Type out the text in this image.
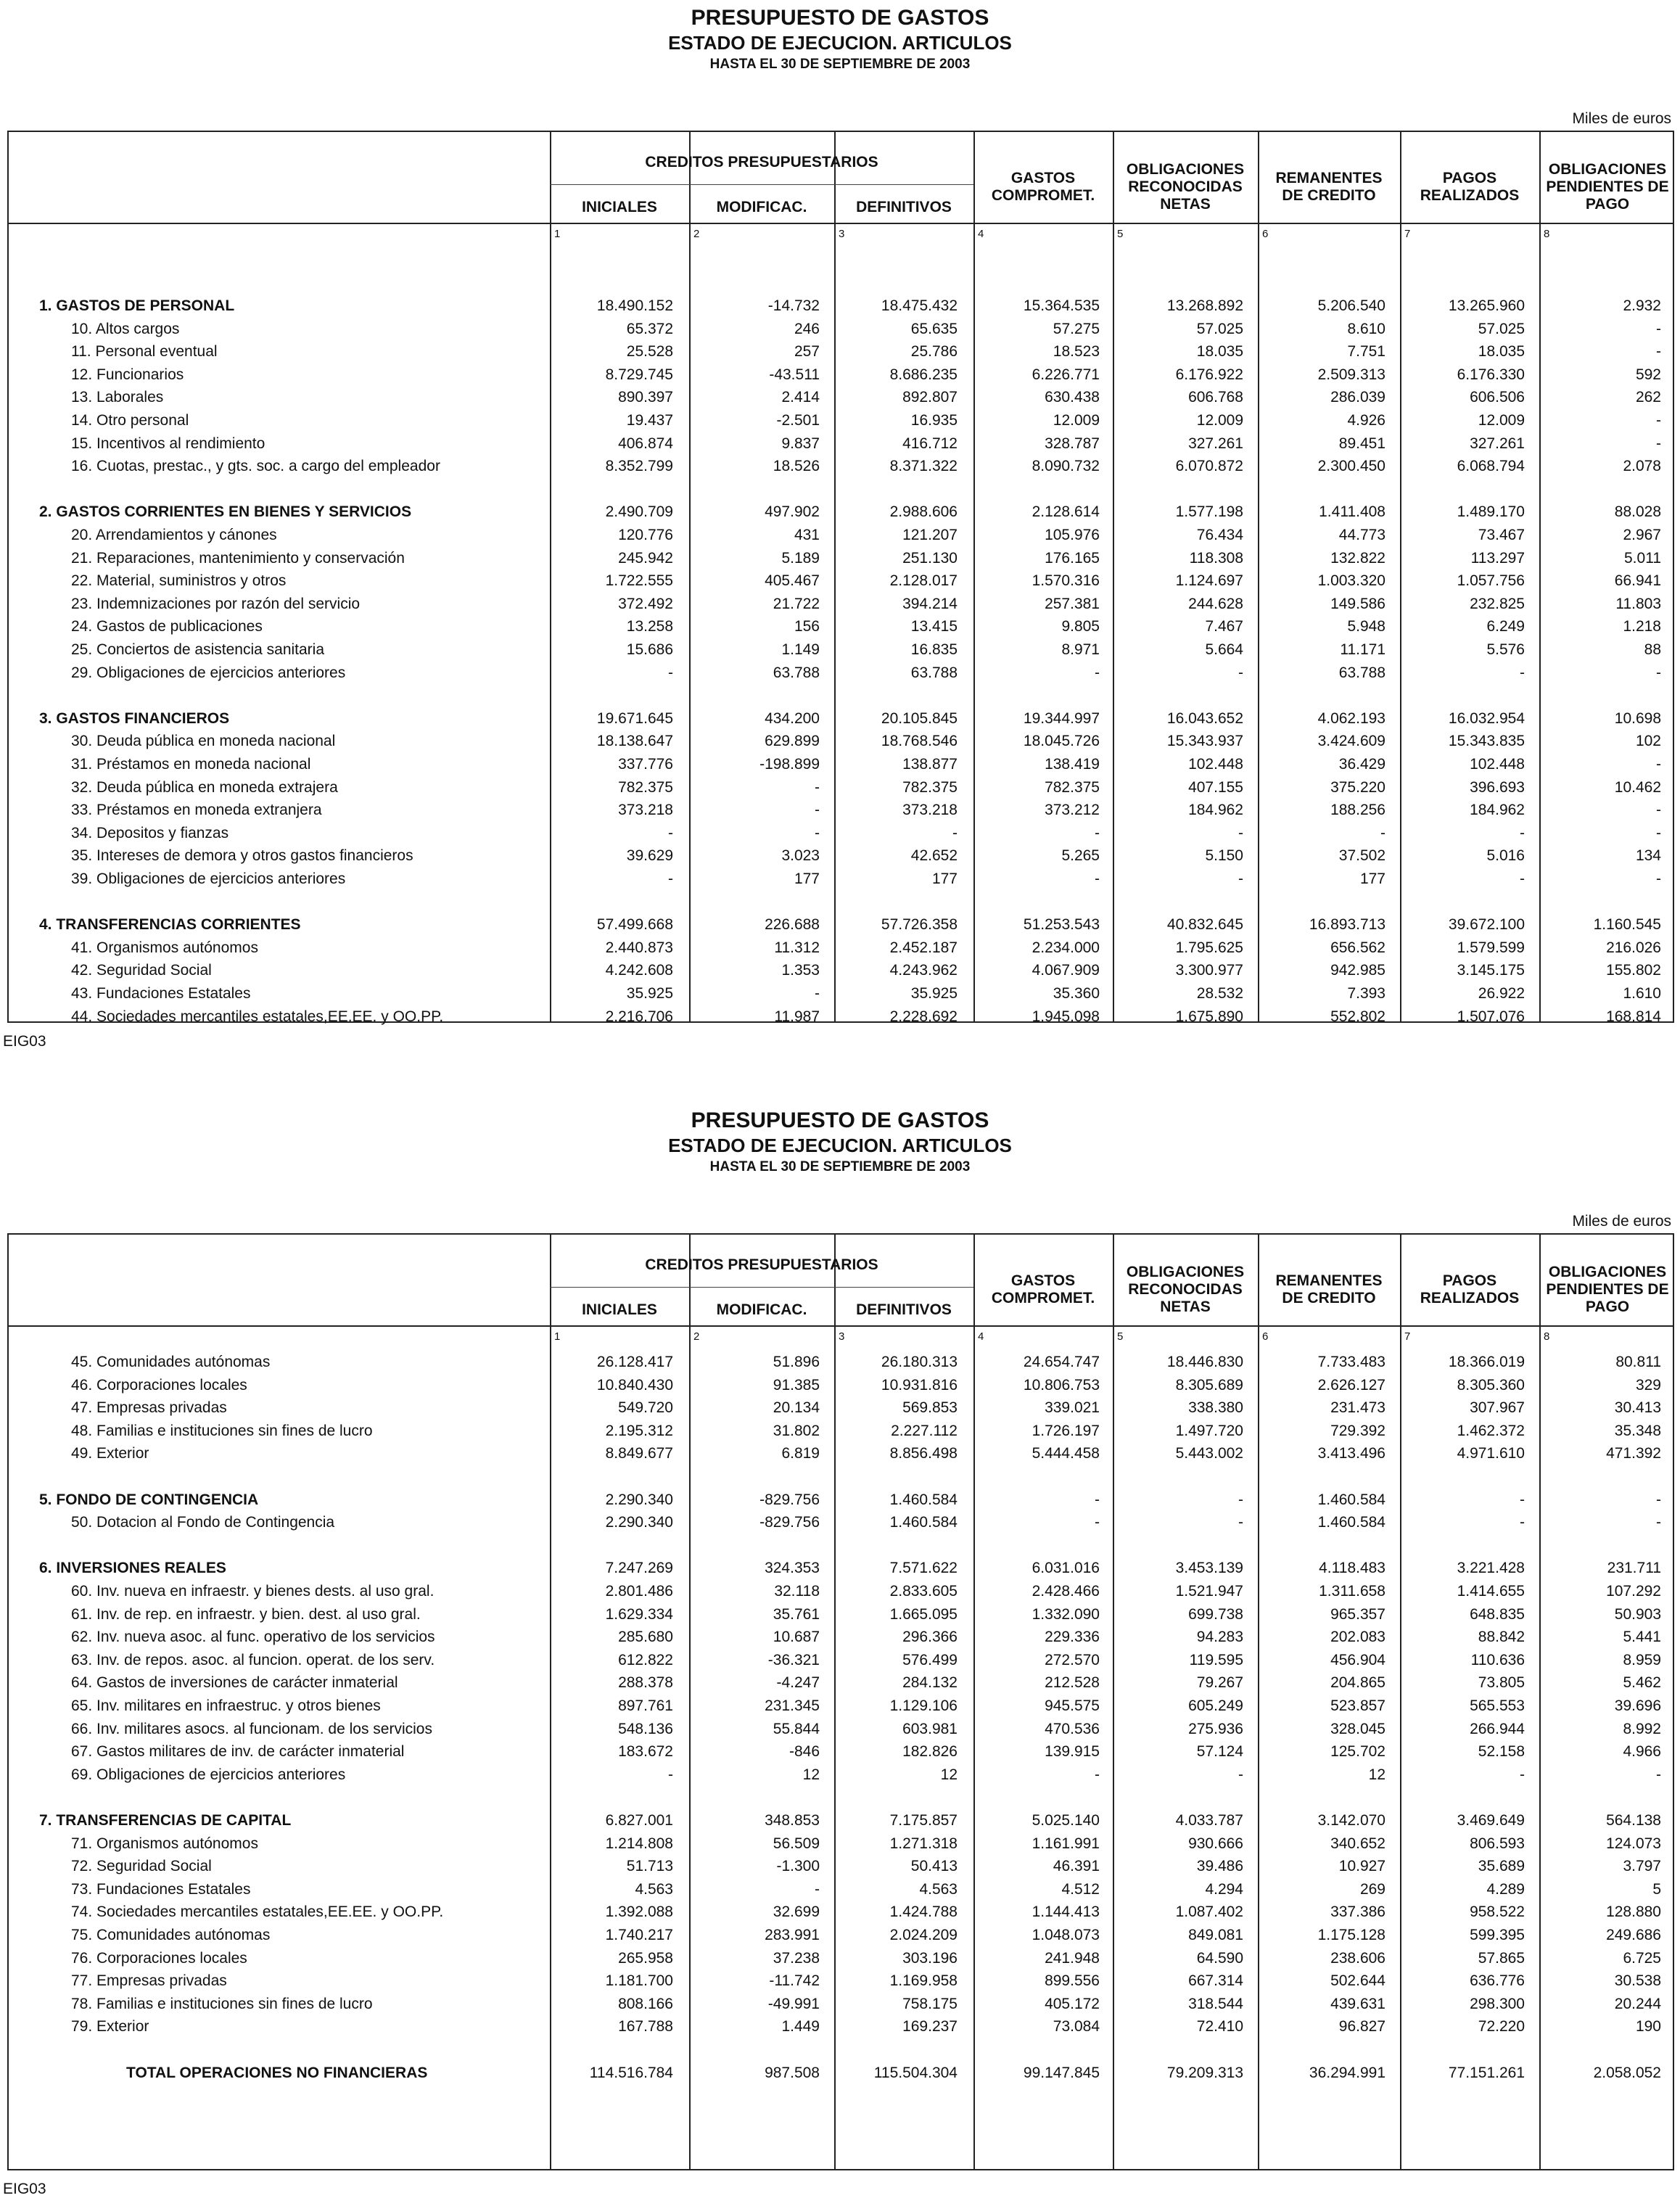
PRESUPUESTO DE GASTOS
ESTADO DE EJECUCION. ARTICULOS
HASTA EL 30 DE SEPTIEMBRE DE 2003
Miles de euros
CREDITOS PRESUPUESTARIOS
INICIALES	MODIFICAC.	DEFINITIVOS
GASTOS
COMPROMET.
OBLIGACIONES
RECONOCIDAS
NETAS
REMANENTES
DE CREDITO
PAGOS
REALIZADOS
OBLIGACIONES
PENDIENTES DE
PAGO
1	2	3	4	5	6	7	8
1. GASTOS DE PERSONAL	18.490.152	-14.732	18.475.432	15.364.535	13.268.892	5.206.540	13.265.960	2.932
10. Altos cargos	65.372	246	65.635	57.275	57.025	8.610	57.025	-
11. Personal eventual	25.528	257	25.786	18.523	18.035	7.751	18.035	-
12. Funcionarios	8.729.745	-43.511	8.686.235	6.226.771	6.176.922	2.509.313	6.176.330	592
13. Laborales	890.397	2.414	892.807	630.438	606.768	286.039	606.506	262
14. Otro personal	19.437	-2.501	16.935	12.009	12.009	4.926	12.009	-
15. Incentivos al rendimiento	406.874	9.837	416.712	328.787	327.261	89.451	327.261	-
16. Cuotas, prestac., y gts. soc. a cargo del empleador	8.352.799	18.526	8.371.322	8.090.732	6.070.872	2.300.450	6.068.794	2.078
2. GASTOS CORRIENTES EN BIENES Y SERVICIOS	2.490.709	497.902	2.988.606	2.128.614	1.577.198	1.411.408	1.489.170	88.028
20. Arrendamientos y cánones	120.776	431	121.207	105.976	76.434	44.773	73.467	2.967
21. Reparaciones, mantenimiento y conservación	245.942	5.189	251.130	176.165	118.308	132.822	113.297	5.011
22. Material, suministros y otros	1.722.555	405.467	2.128.017	1.570.316	1.124.697	1.003.320	1.057.756	66.941
23. Indemnizaciones por razón del servicio	372.492	21.722	394.214	257.381	244.628	149.586	232.825	11.803
24. Gastos de publicaciones	13.258	156	13.415	9.805	7.467	5.948	6.249	1.218
25. Conciertos de asistencia sanitaria	15.686	1.149	16.835	8.971	5.664	11.171	5.576	88
29. Obligaciones de ejercicios anteriores	-	63.788	63.788	-	-	63.788	-	-
3. GASTOS FINANCIEROS	19.671.645	434.200	20.105.845	19.344.997	16.043.652	4.062.193	16.032.954	10.698
30. Deuda pública en moneda nacional	18.138.647	629.899	18.768.546	18.045.726	15.343.937	3.424.609	15.343.835	102
31. Préstamos en moneda nacional	337.776	-198.899	138.877	138.419	102.448	36.429	102.448	-
32. Deuda pública en moneda extrajera	782.375	-	782.375	782.375	407.155	375.220	396.693	10.462
33. Préstamos en moneda extranjera	373.218	-	373.218	373.212	184.962	188.256	184.962	-
34. Depositos y fianzas	-	-	-	-	-	-	-	-
35. Intereses de demora y otros gastos financieros	39.629	3.023	42.652	5.265	5.150	37.502	5.016	134
39. Obligaciones de ejercicios anteriores	-	177	177	-	-	177	-	-
4. TRANSFERENCIAS CORRIENTES	57.499.668	226.688	57.726.358	51.253.543	40.832.645	16.893.713	39.672.100	1.160.545
41. Organismos autónomos	2.440.873	11.312	2.452.187	2.234.000	1.795.625	656.562	1.579.599	216.026
42. Seguridad Social	4.242.608	1.353	4.243.962	4.067.909	3.300.977	942.985	3.145.175	155.802
43. Fundaciones Estatales	35.925	-	35.925	35.360	28.532	7.393	26.922	1.610
44. Sociedades mercantiles estatales,EE.EE. y OO.PP.	2.216.706	11.987	2.228.692	1.945.098	1.675.890	552.802	1.507.076	168.814
EIG03
PRESUPUESTO DE GASTOS
ESTADO DE EJECUCION. ARTICULOS
HASTA EL 30 DE SEPTIEMBRE DE 2003
Miles de euros
CREDITOS PRESUPUESTARIOS
INICIALES	MODIFICAC.	DEFINITIVOS
GASTOS
COMPROMET.
OBLIGACIONES
RECONOCIDAS
NETAS
REMANENTES
DE CREDITO
PAGOS
REALIZADOS
OBLIGACIONES
PENDIENTES DE
PAGO
1	2	3	4	5	6	7	8
45. Comunidades autónomas	26.128.417	51.896	26.180.313	24.654.747	18.446.830	7.733.483	18.366.019	80.811
46. Corporaciones locales	10.840.430	91.385	10.931.816	10.806.753	8.305.689	2.626.127	8.305.360	329
47. Empresas privadas	549.720	20.134	569.853	339.021	338.380	231.473	307.967	30.413
48. Familias e instituciones sin fines de lucro	2.195.312	31.802	2.227.112	1.726.197	1.497.720	729.392	1.462.372	35.348
49. Exterior	8.849.677	6.819	8.856.498	5.444.458	5.443.002	3.413.496	4.971.610	471.392
5. FONDO DE CONTINGENCIA	2.290.340	-829.756	1.460.584	-	-	1.460.584	-	-
50. Dotacion al Fondo de Contingencia	2.290.340	-829.756	1.460.584	-	-	1.460.584	-	-
6. INVERSIONES REALES	7.247.269	324.353	7.571.622	6.031.016	3.453.139	4.118.483	3.221.428	231.711
60. Inv. nueva en infraestr. y bienes dests. al uso gral.	2.801.486	32.118	2.833.605	2.428.466	1.521.947	1.311.658	1.414.655	107.292
61. Inv. de rep. en infraestr. y bien. dest. al uso gral.	1.629.334	35.761	1.665.095	1.332.090	699.738	965.357	648.835	50.903
62. Inv. nueva asoc. al func. operativo de los servicios	285.680	10.687	296.366	229.336	94.283	202.083	88.842	5.441
63. Inv. de repos. asoc. al funcion. operat. de los serv.	612.822	-36.321	576.499	272.570	119.595	456.904	110.636	8.959
64. Gastos de inversiones de carácter inmaterial	288.378	-4.247	284.132	212.528	79.267	204.865	73.805	5.462
65. Inv. militares en infraestruc. y otros bienes	897.761	231.345	1.129.106	945.575	605.249	523.857	565.553	39.696
66. Inv. militares asocs. al funcionam. de los servicios	548.136	55.844	603.981	470.536	275.936	328.045	266.944	8.992
67. Gastos militares de inv. de carácter inmaterial	183.672	-846	182.826	139.915	57.124	125.702	52.158	4.966
69. Obligaciones de ejercicios anteriores	-	12	12	-	-	12	-	-
7. TRANSFERENCIAS DE CAPITAL	6.827.001	348.853	7.175.857	5.025.140	4.033.787	3.142.070	3.469.649	564.138
71. Organismos autónomos	1.214.808	56.509	1.271.318	1.161.991	930.666	340.652	806.593	124.073
72. Seguridad Social	51.713	-1.300	50.413	46.391	39.486	10.927	35.689	3.797
73. Fundaciones Estatales	4.563	-	4.563	4.512	4.294	269	4.289	5
74. Sociedades mercantiles estatales,EE.EE. y OO.PP.	1.392.088	32.699	1.424.788	1.144.413	1.087.402	337.386	958.522	128.880
75. Comunidades autónomas	1.740.217	283.991	2.024.209	1.048.073	849.081	1.175.128	599.395	249.686
76. Corporaciones locales	265.958	37.238	303.196	241.948	64.590	238.606	57.865	6.725
77. Empresas privadas	1.181.700	-11.742	1.169.958	899.556	667.314	502.644	636.776	30.538
78. Familias e instituciones sin fines de lucro	808.166	-49.991	758.175	405.172	318.544	439.631	298.300	20.244
79. Exterior	167.788	1.449	169.237	73.084	72.410	96.827	72.220	190
TOTAL OPERACIONES NO FINANCIERAS	114.516.784	987.508	115.504.304	99.147.845	79.209.313	36.294.991	77.151.261	2.058.052
EIG03
